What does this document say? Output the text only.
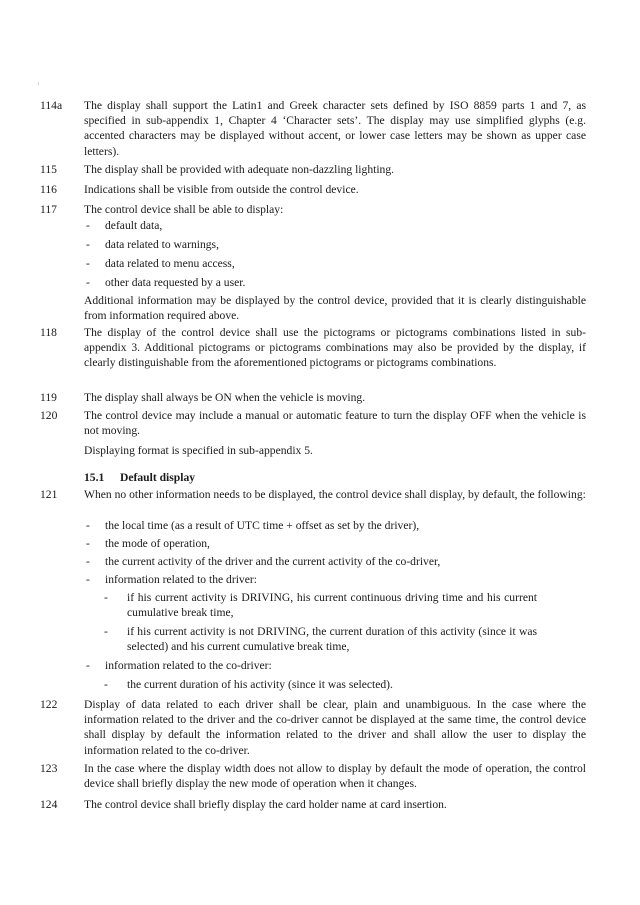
114a	The display shall support the Latin1 and Greek character sets defined by ISO 8859 parts 1 and 7, as specified in sub-appendix 1, Chapter 4 ‘Character sets’. The display may use simplified glyphs (e.g. accented characters may be displayed without accent, or lower case letters may be shown as upper case letters).
115	The display shall be provided with adequate non-dazzling lighting.
116	Indications shall be visible from outside the control device.
117	The control device shall be able to display:
- default data,
- data related to warnings,
- data related to menu access,
- other data requested by a user.
Additional information may be displayed by the control device, provided that it is clearly distinguishable from information required above.
118	The display of the control device shall use the pictograms or pictograms combinations listed in sub-appendix 3. Additional pictograms or pictograms combinations may also be provided by the display, if clearly distinguishable from the aforementioned pictograms or pictograms combinations.
119	The display shall always be ON when the vehicle is moving.
120	The control device may include a manual or automatic feature to turn the display OFF when the vehicle is not moving.
Displaying format is specified in sub-appendix 5.
15.1 Default display
121	When no other information needs to be displayed, the control device shall display, by default, the following:
- the local time (as a result of UTC time + offset as set by the driver),
- the mode of operation,
- the current activity of the driver and the current activity of the co-driver,
- information related to the driver:
- if his current activity is DRIVING, his current continuous driving time and his current cumulative break time,
- if his current activity is not DRIVING, the current duration of this activity (since it was selected) and his current cumulative break time,
- information related to the co-driver:
- the current duration of his activity (since it was selected).
122	Display of data related to each driver shall be clear, plain and unambiguous. In the case where the information related to the driver and the co-driver cannot be displayed at the same time, the control device shall display by default the information related to the driver and shall allow the user to display the information related to the co-driver.
123	In the case where the display width does not allow to display by default the mode of operation, the control device shall briefly display the new mode of operation when it changes.
124	The control device shall briefly display the card holder name at card insertion.
